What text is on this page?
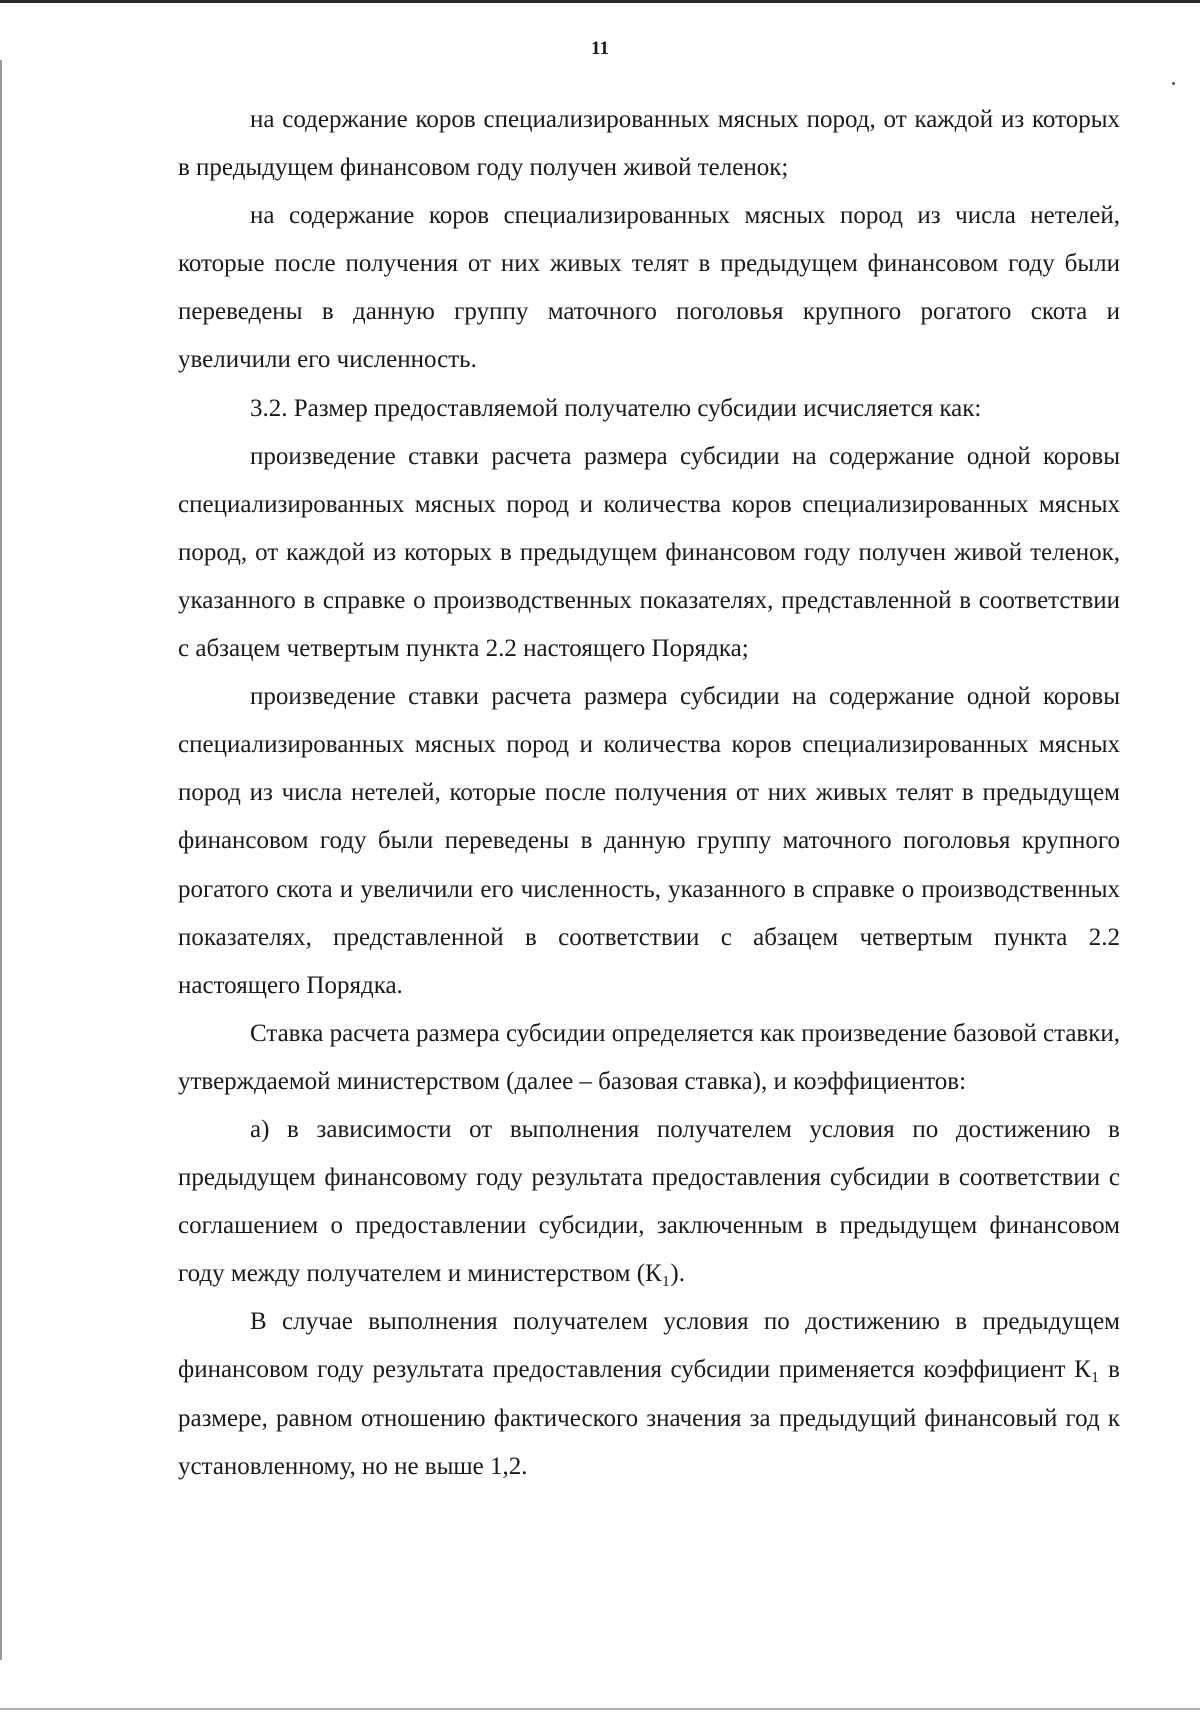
11

на содержание коров специализированных мясных пород, от каждой из которых в предыдущем финансовом году получен живой теленок;

на содержание коров специализированных мясных пород из числа нетелей, которые после получения от них живых телят в предыдущем финансовом году были переведены в данную группу маточного поголовья крупного рогатого скота и увеличили его численность.

3.2. Размер предоставляемой получателю субсидии исчисляется как:

произведение ставки расчета размера субсидии на содержание одной коровы специализированных мясных пород и количества коров специализированных мясных пород, от каждой из которых в предыдущем финансовом году получен живой теленок, указанного в справке о производственных показателях, представленной в соответствии с абзацем четвертым пункта 2.2 настоящего Порядка;

произведение ставки расчета размера субсидии на содержание одной коровы специализированных мясных пород и количества коров специализированных мясных пород из числа нетелей, которые после получения от них живых телят в предыдущем финансовом году были переведены в данную группу маточного поголовья крупного рогатого скота и увеличили его численность, указанного в справке о производственных показателях, представленной в соответствии с абзацем четвертым пункта 2.2 настоящего Порядка.

Ставка расчета размера субсидии определяется как произведение базовой ставки, утверждаемой министерством (далее – базовая ставка), и коэффициентов:

а) в зависимости от выполнения получателем условия по достижению в предыдущем финансовому году результата предоставления субсидии в соответствии с соглашением о предоставлении субсидии, заключенным в предыдущем финансовом году между получателем и министерством (К₁).

В случае выполнения получателем условия по достижению в предыдущем финансовом году результата предоставления субсидии применяется коэффициент К₁ в размере, равном отношению фактического значения за предыдущий финансовый год к установленному, но не выше 1,2.
